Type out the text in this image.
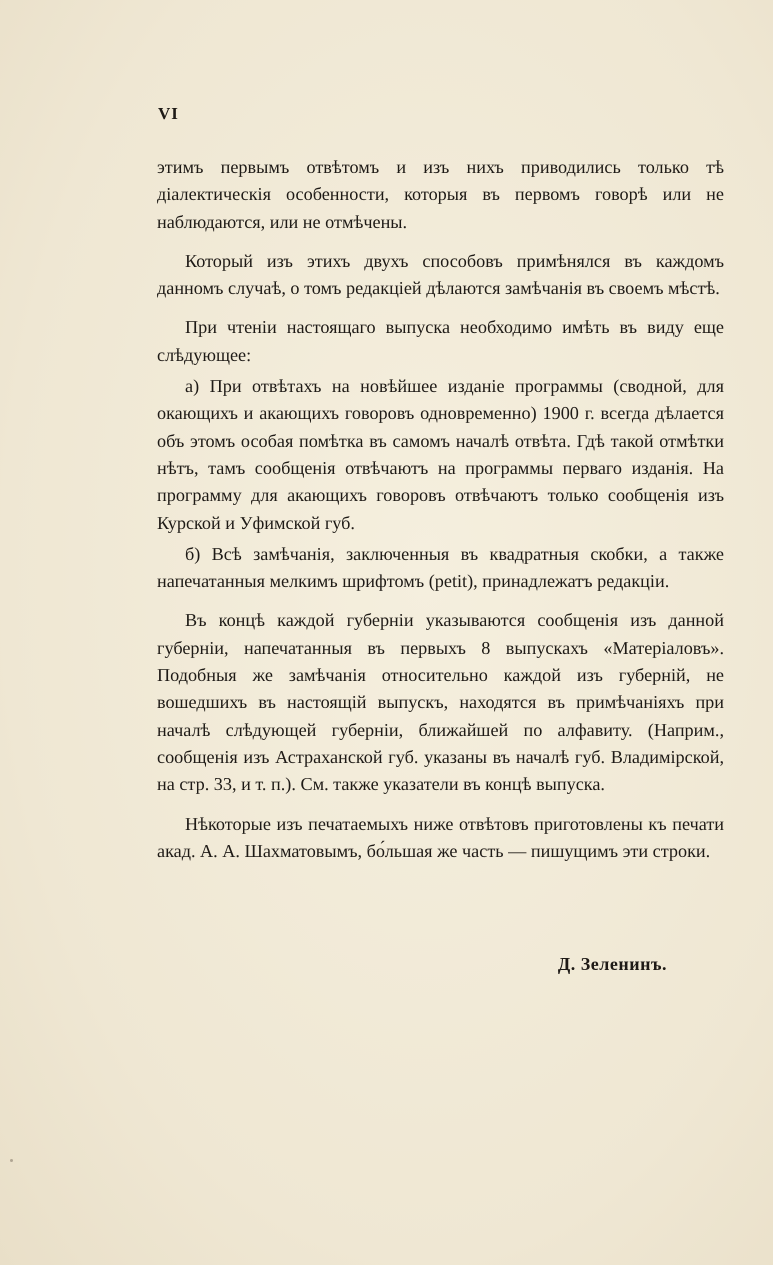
VI

этимъ первымъ отвѣтомъ и изъ нихъ приводились только тѣ діалектическія особенности, которыя въ первомъ говорѣ или не наблюдаются, или не отмѣчены.

Который изъ этихъ двухъ способовъ примѣнялся въ каждомъ данномъ случаѣ, о томъ редакціей дѣлаются замѣчанія въ своемъ мѣстѣ.

При чтеніи настоящаго выпуска необходимо имѣть въ виду еще слѣдующее:

а) При отвѣтахъ на новѣйшее изданіе программы (сводной, для окающихъ и акающихъ говоровъ одновременно) 1900 г. всегда дѣлается объ этомъ особая помѣтка въ самомъ началѣ отвѣта. Гдѣ такой отмѣтки нѣтъ, тамъ сообщенія отвѣчаютъ на программы перваго изданія. На программу для акающихъ говоровъ отвѣчаютъ только сообщенія изъ Курской и Уфимской губ.

б) Всѣ замѣчанія, заключенныя въ квадратныя скобки, а также напечатанныя мелкимъ шрифтомъ (petit), принадлежатъ редакціи.

Въ концѣ каждой губерніи указываются сообщенія изъ данной губерніи, напечатанныя въ первыхъ 8 выпускахъ «Матеріаловъ». Подобныя же замѣчанія относительно каждой изъ губерній, не вошедшихъ въ настоящій выпускъ, находятся въ примѣчаніяхъ при началѣ слѣдующей губерніи, ближайшей по алфавиту. (Наприм., сообщенія изъ Астраханской губ. указаны въ началѣ губ. Владимірской, на стр. 33, и т. п.). См. также указатели въ концѣ выпуска.

Нѣкоторые изъ печатаемыхъ ниже отвѣтовъ приготовлены къ печати акад. А. А. Шахматовымъ, бо́льшая же часть — пишущимъ эти строки.

Д. Зеленинъ.
